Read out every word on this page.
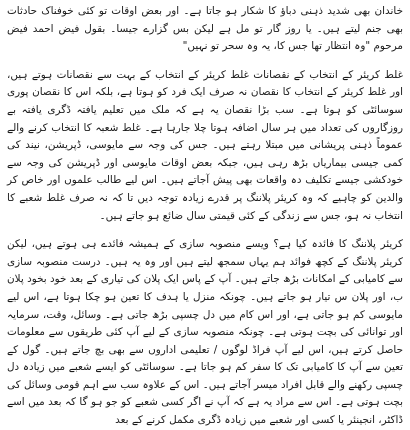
خاندان بھی شدید ذہنی دباؤ کا شکار ہو جاتا ہے۔ اور بعض اوقات تو کئی خوفناک حادثات بھی جنم لیتے ہیں۔ یا روز گار تو مل ہے لیکن بس گزارے جیسا۔ بقول فیض احمد فیض مرحوم "وہ انتظار تھا جس کا، یہ وہ سحر تو نہیں"

غلط کریئر کے انتخاب کے نقصانات غلط کریئر کے انتخاب کے بہت سے نقصانات ہوتے ہیں، اور غلط کریئر کے انتخاب کا نقصان نہ صرف ایک فرد کو ہوتا ہے، بلکہ اس کا نقصان پوری سوسائٹی کو ہوتا ہے۔ سب بڑا نقصان یہ ہے کہ ملک میں تعلیم یافتہ ڈگری یافتہ بے روزگاروں کی تعداد میں ہر سال اضافہ ہوتا چلا جارہا ہے۔ غلط شعبہ کا انتخاب کرنے والے عموماً ذہنی پریشانی میں مبتلا رہتے ہیں۔ جس کی وجہ سے مایوسی، ڈپریشن، نیند کی کمی جیسی بیماریاں بڑھ رہی ہیں، جبکہ بعض اوقات مایوسی اور ڈپریشن کی وجہ سے خودکشی جیسے تکلیف دہ واقعات بھی پیش آجاتے ہیں۔ اس لیے طالب علموں اور خاص کر والدین کو چاہیے کہ وہ کریئر پلاننگ پر قدرے زیادہ توجہ دیں تا کہ نہ صرف غلط شعبے کا انتخاب نہ ہو، جس سے زندگی کے کئی قیمتی سال ضائع ہو جاتے ہیں۔

کریئر پلاننگ کا فائدہ کیا ہے؟ ویسے منصوبہ سازی کے ہمیشہ فائدے ہی ہوتے ہیں، لیکن کریئر پلاننگ کے کچھ فوائد ہم یہاں سمجھ لیتے ہیں اور وہ یہ ہیں۔ درست منصوبہ سازی سے کامیابی کے امکانات بڑھ جاتے ہیں۔ آپ کے پاس ایک پلان کی تیاری کے بعد خود بخود پلان ب، اور پلان س تیار ہو جاتے ہیں۔ چونکہ منزل یا ہدف کا تعین ہو چکا ہوتا ہے، اس لیے مایوسی کم ہو جاتی ہے، اور اس کام میں دل چسپی بڑھ جاتی ہے۔ وسائل، وقت، سرمایہ اور توانائی کی بچت ہوتی ہے۔ چونکہ منصوبہ سازی کے لیے آپ کئی طریقوں سے معلومات حاصل کرتے ہیں، اس لیے آپ فراڈ لوگوں / تعلیمی اداروں سے بھی بچ جاتے ہیں۔ گول کے تعین سے آپ کا کامیابی تک کا سفر کم ہو جاتا ہے۔ سوسائٹی کو ایسے شعبے میں زیادہ دل چسپی رکھنے والے قابل افراد میسر آجاتے ہیں۔ اس کے علاوہ سب سے اہم قومی وسائل کی بچت ہوتی ہے۔ اس سے مراد یہ ہے کہ آپ نے اگر کسی شعبے کو جو ہو گا کہ بعد میں اسے ڈاکٹر، انجینئر یا کسی اور شعبے میں زیادہ ڈگری مکمل کرنے کے بعد
